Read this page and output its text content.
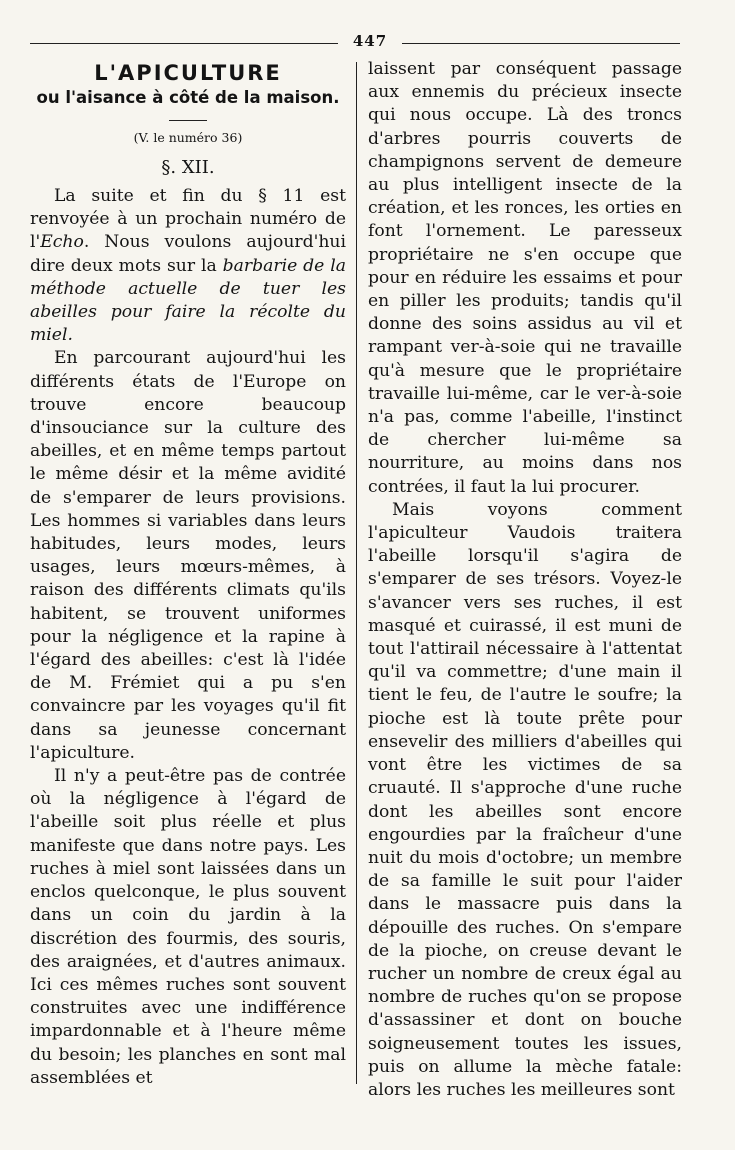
447
L'APICULTURE
ou l'aisance à côté de la maison.
(V. le numéro 36)
§. XII.

La suite et fin du § 11 est renvoyée à un prochain numéro de l'Echo. Nous voulons aujourd'hui dire deux mots sur la barbarie de la méthode actuelle de tuer les abeilles pour faire la récolte du miel.

En parcourant aujourd'hui les différents états de l'Europe on trouve encore beaucoup d'insouciance sur la culture des abeilles, et en même temps partout le même désir et la même avidité de s'emparer de leurs provisions. Les hommes si variables dans leurs habitudes, leurs modes, leurs usages, leurs mœurs-mêmes, à raison des différents climats qu'ils habitent, se trouvent uniformes pour la négligence et la rapine à l'égard des abeilles: c'est là l'idée de M. Frémiet qui a pu s'en convaincre par les voyages qu'il fit dans sa jeunesse concernant l'apiculture.

Il n'y a peut-être pas de contrée où la négligence à l'égard de l'abeille soit plus réelle et plus manifeste que dans notre pays. Les ruches à miel sont laissées dans un enclos quelconque, le plus souvent dans un coin du jardin à la discrétion des fourmis, des souris, des araignées, et d'autres animaux. Ici ces mêmes ruches sont souvent construites avec une indifférence impardonnable et à l'heure même du besoin; les planches en sont mal assemblées et

laissent par conséquent passage aux ennemis du précieux insecte qui nous occupe. Là des troncs d'arbres pourris couverts de champignons servent de demeure au plus intelligent insecte de la création, et les ronces, les orties en font l'ornement. Le paresseux propriétaire ne s'en occupe que pour en réduire les essaims et pour en piller les produits; tandis qu'il donne des soins assidus au vil et rampant ver-à-soie qui ne travaille qu'à mesure que le propriétaire travaille lui-même, car le ver-à-soie n'a pas, comme l'abeille, l'instinct de chercher lui-même sa nourriture, au moins dans nos contrées, il faut la lui procurer.

Mais voyons comment l'apiculteur Vaudois traitera l'abeille lorsqu'il s'agira de s'emparer de ses trésors. Voyez-le s'avancer vers ses ruches, il est masqué et cuirassé, il est muni de tout l'attirail nécessaire à l'attentat qu'il va commettre; d'une main il tient le feu, de l'autre le soufre; la pioche est là toute prête pour ensevelir des milliers d'abeilles qui vont être les victimes de sa cruauté. Il s'approche d'une ruche dont les abeilles sont encore engourdies par la fraîcheur d'une nuit du mois d'octobre; un membre de sa famille le suit pour l'aider dans le massacre puis dans la dépouille des ruches. On s'empare de la pioche, on creuse devant le rucher un nombre de creux égal au nombre de ruches qu'on se propose d'assassiner et dont on bouche soigneusement toutes les issues, puis on allume la mèche fatale: alors les ruches les meilleures sont
